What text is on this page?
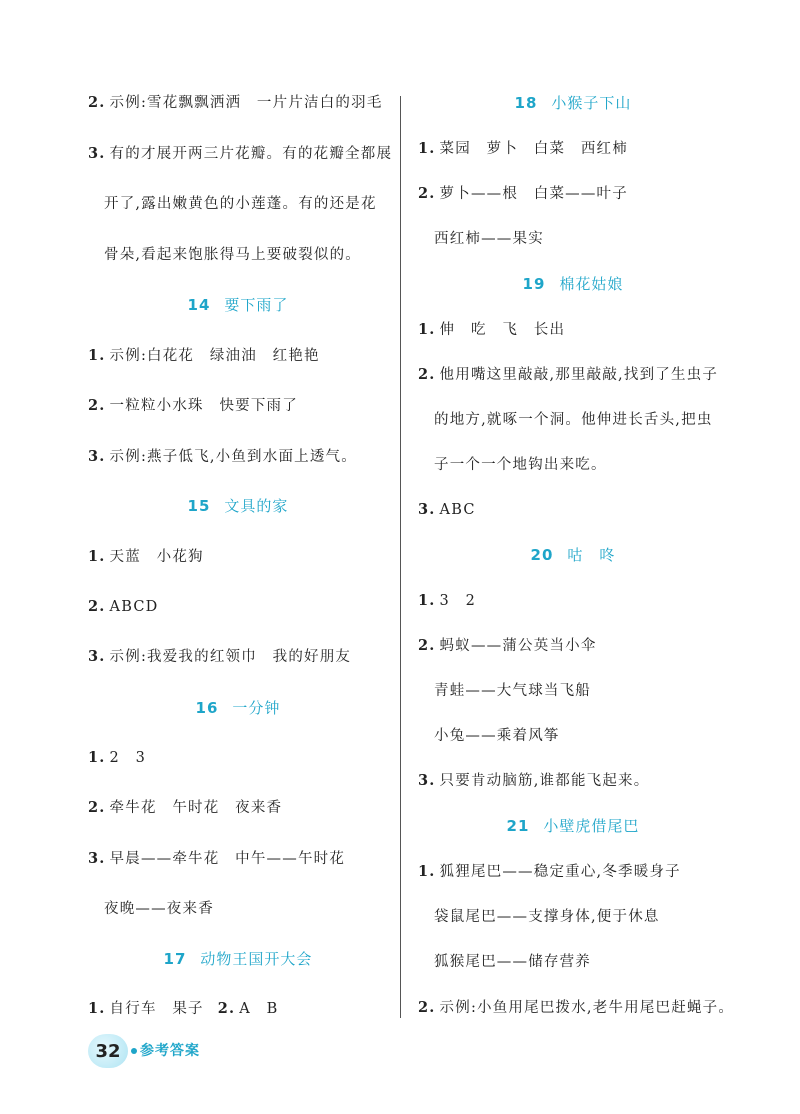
2. 示例:雪花飘飘洒洒　一片片洁白的羽毛
3. 有的才展开两三片花瓣。有的花瓣全都展
开了,露出嫩黄色的小莲蓬。有的还是花
骨朵,看起来饱胀得马上要破裂似的。
14 要下雨了
1. 示例:白花花　绿油油　红艳艳
2. 一粒粒小水珠　快要下雨了
3. 示例:燕子低飞,小鱼到水面上透气。
15 文具的家
1. 天蓝　小花狗
2. ABCD
3. 示例:我爱我的红领巾　我的好朋友
16 一分钟
1. 2　3
2. 牵牛花　午时花　夜来香
3. 早晨——牵牛花　中午——午时花
夜晚——夜来香
17 动物王国开大会
1. 自行车　果子 2. A　B
18 小猴子下山
1. 菜园　萝卜　白菜　西红柿
2. 萝卜——根　白菜——叶子
西红柿——果实
19 棉花姑娘
1. 伸　吃　飞　长出
2. 他用嘴这里敲敲,那里敲敲,找到了生虫子
的地方,就啄一个洞。他伸进长舌头,把虫
子一个一个地钩出来吃。
3. ABC
20 咕　咚
1. 3　2
2. 蚂蚁——蒲公英当小伞
青蛙——大气球当飞船
小兔——乘着风筝
3. 只要肯动脑筋,谁都能飞起来。
21 小壁虎借尾巴
1. 狐狸尾巴——稳定重心,冬季暖身子
袋鼠尾巴——支撑身体,便于休息
狐猴尾巴——储存营养
2. 示例:小鱼用尾巴拨水,老牛用尾巴赶蝇子。
32 参考答案
